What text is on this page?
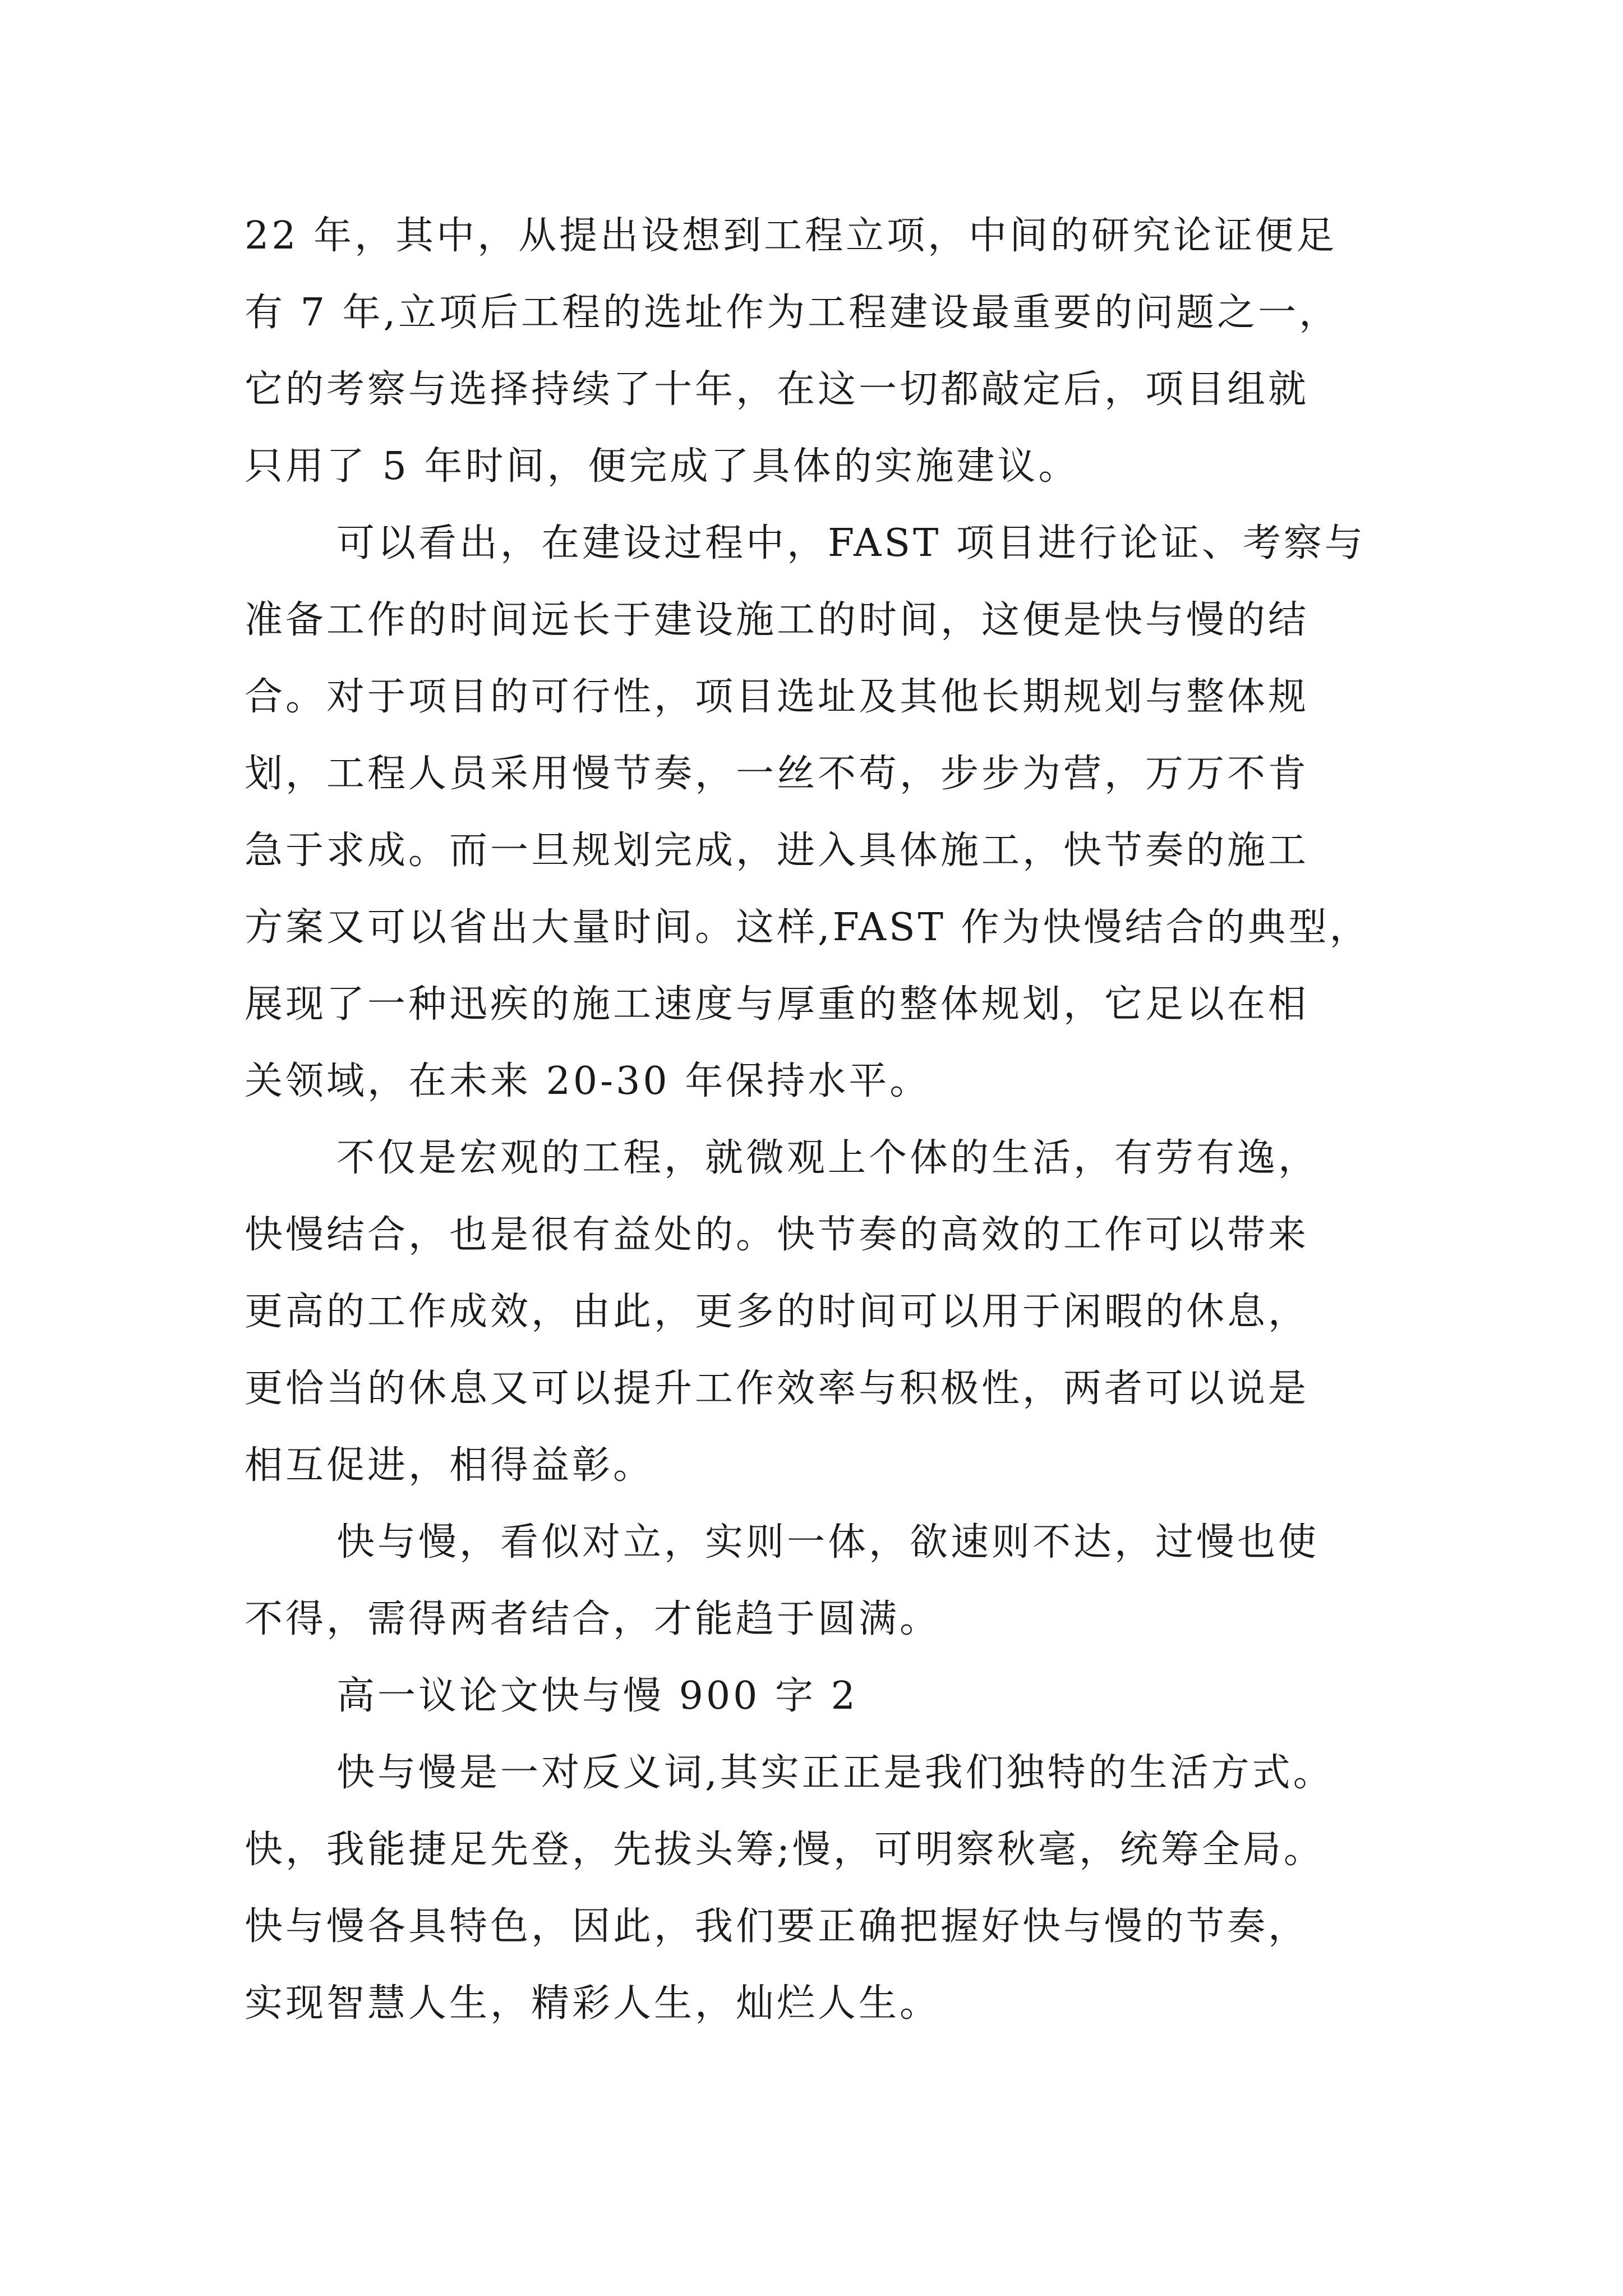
22 年，其中，从提出设想到工程立项，中间的研究论证便足
有 7 年,立项后工程的选址作为工程建设最重要的问题之一，
它的考察与选择持续了十年，在这一切都敲定后，项目组就
只用了 5 年时间，便完成了具体的实施建议。
可以看出，在建设过程中，FAST 项目进行论证、考察与
准备工作的时间远长于建设施工的时间，这便是快与慢的结
合。对于项目的可行性，项目选址及其他长期规划与整体规
划，工程人员采用慢节奏，一丝不苟，步步为营，万万不肯
急于求成。而一旦规划完成，进入具体施工，快节奏的施工
方案又可以省出大量时间。这样,FAST 作为快慢结合的典型，
展现了一种迅疾的施工速度与厚重的整体规划，它足以在相
关领域，在未来 20-30 年保持水平。
不仅是宏观的工程，就微观上个体的生活，有劳有逸，
快慢结合，也是很有益处的。快节奏的高效的工作可以带来
更高的工作成效，由此，更多的时间可以用于闲暇的休息，
更恰当的休息又可以提升工作效率与积极性，两者可以说是
相互促进，相得益彰。
快与慢，看似对立，实则一体，欲速则不达，过慢也使
不得，需得两者结合，才能趋于圆满。
高一议论文快与慢 900 字 2
快与慢是一对反义词,其实正正是我们独特的生活方式。
快，我能捷足先登，先拔头筹;慢，可明察秋毫，统筹全局。
快与慢各具特色，因此，我们要正确把握好快与慢的节奏，
实现智慧人生，精彩人生，灿烂人生。
